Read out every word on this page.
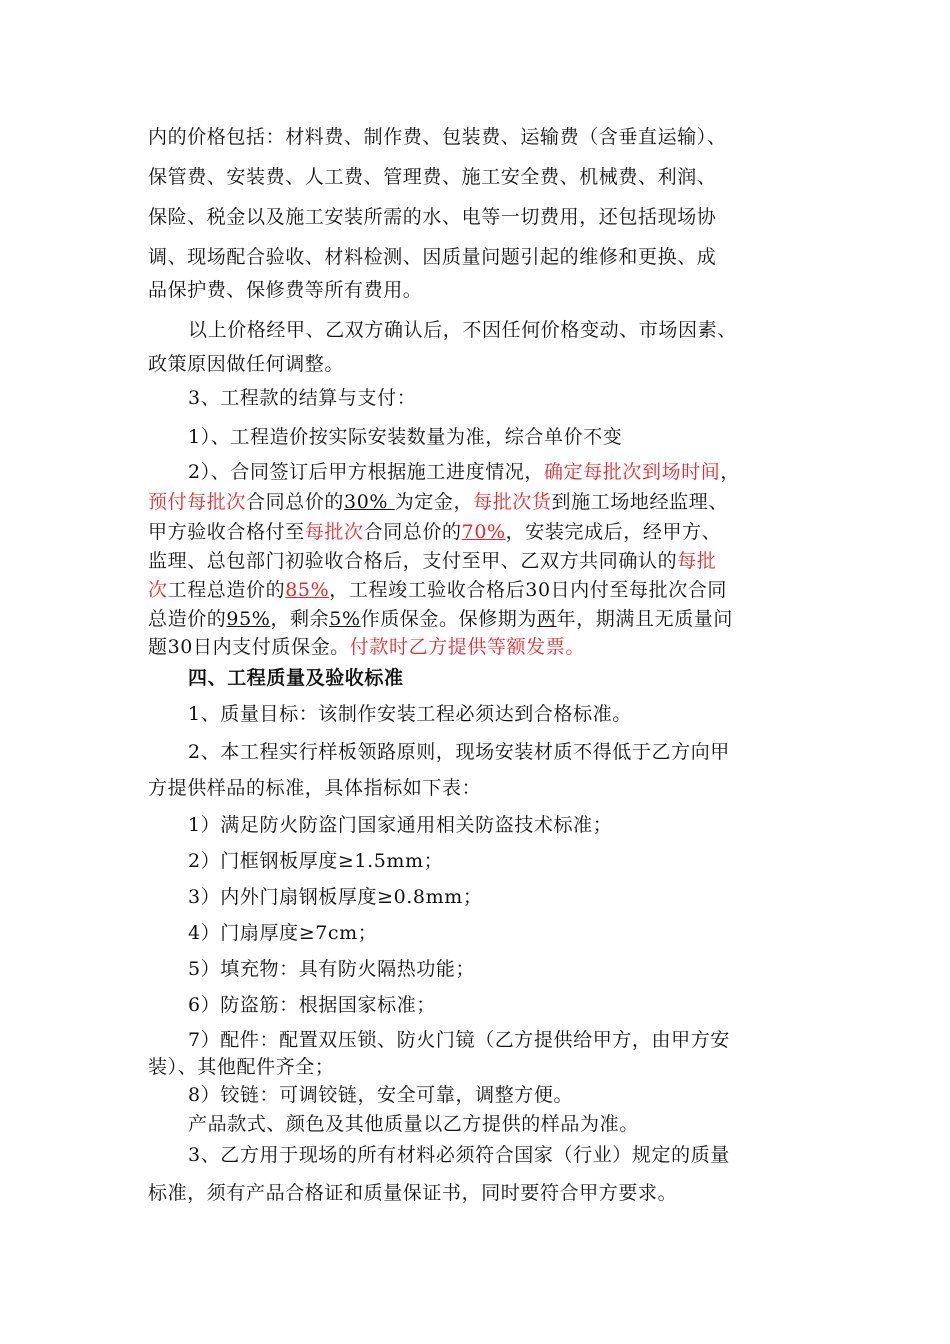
内的价格包括：材料费、制作费、包装费、运输费（含垂直运输）、
保管费、安装费、人工费、管理费、施工安全费、机械费、利润、
保险、税金以及施工安装所需的水、电等一切费用，还包括现场协
调、现场配合验收、材料检测、因质量问题引起的维修和更换、成
品保护费、保修费等所有费用。
以上价格经甲、乙双方确认后，不因任何价格变动、市场因素、
政策原因做任何调整。
3、工程款的结算与支付：
1）、工程造价按实际安装数量为准，综合单价不变
2）、合同签订后甲方根据施工进度情况，确定每批次到场时间，
预付每批次合同总价的30% 为定金，每批次货到施工场地经监理、
甲方验收合格付至每批次合同总价的70%，安装完成后，经甲方、
监理、总包部门初验收合格后，支付至甲、乙双方共同确认的每批
次工程总造价的85%，工程竣工验收合格后30日内付至每批次合同
总造价的95%，剩余5%作质保金。保修期为两年，期满且无质量问
题30日内支付质保金。付款时乙方提供等额发票。
四、工程质量及验收标准
1、质量目标：该制作安装工程必须达到合格标准。
2、本工程实行样板领路原则，现场安装材质不得低于乙方向甲
方提供样品的标准，具体指标如下表：
1）满足防火防盗门国家通用相关防盗技术标准；
2）门框钢板厚度≥1.5mm；
3）内外门扇钢板厚度≥0.8mm；
4）门扇厚度≥7cm；
5）填充物：具有防火隔热功能；
6）防盗筋：根据国家标准；
7）配件：配置双压锁、防火门镜（乙方提供给甲方，由甲方安
装）、其他配件齐全；
8）铰链：可调铰链，安全可靠，调整方便。
产品款式、颜色及其他质量以乙方提供的样品为准。
3、乙方用于现场的所有材料必须符合国家（行业）规定的质量
标准，须有产品合格证和质量保证书，同时要符合甲方要求。
